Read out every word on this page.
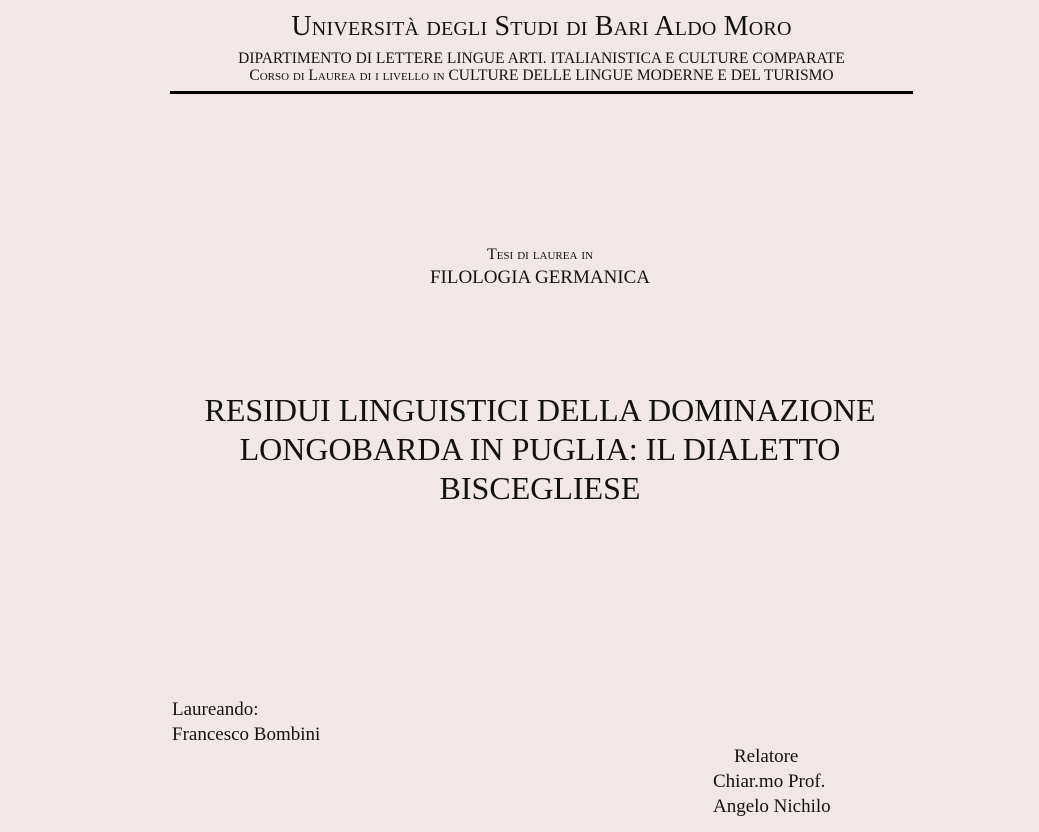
Università degli Studi di Bari Aldo Moro
DIPARTIMENTO DI LETTERE LINGUE ARTI. ITALIANISTICA E CULTURE COMPARATE
Corso di Laurea di i livello in CULTURE DELLE LINGUE MODERNE E DEL TURISMO
Tesi di laurea in
FILOLOGIA GERMANICA
RESIDUI LINGUISTICI DELLA DOMINAZIONE
LONGOBARDA IN PUGLIA: IL DIALETTO
BISCEGLIESE
Laureando:
Francesco Bombini
Relatore
Chiar.mo Prof.
Angelo Nichilo
